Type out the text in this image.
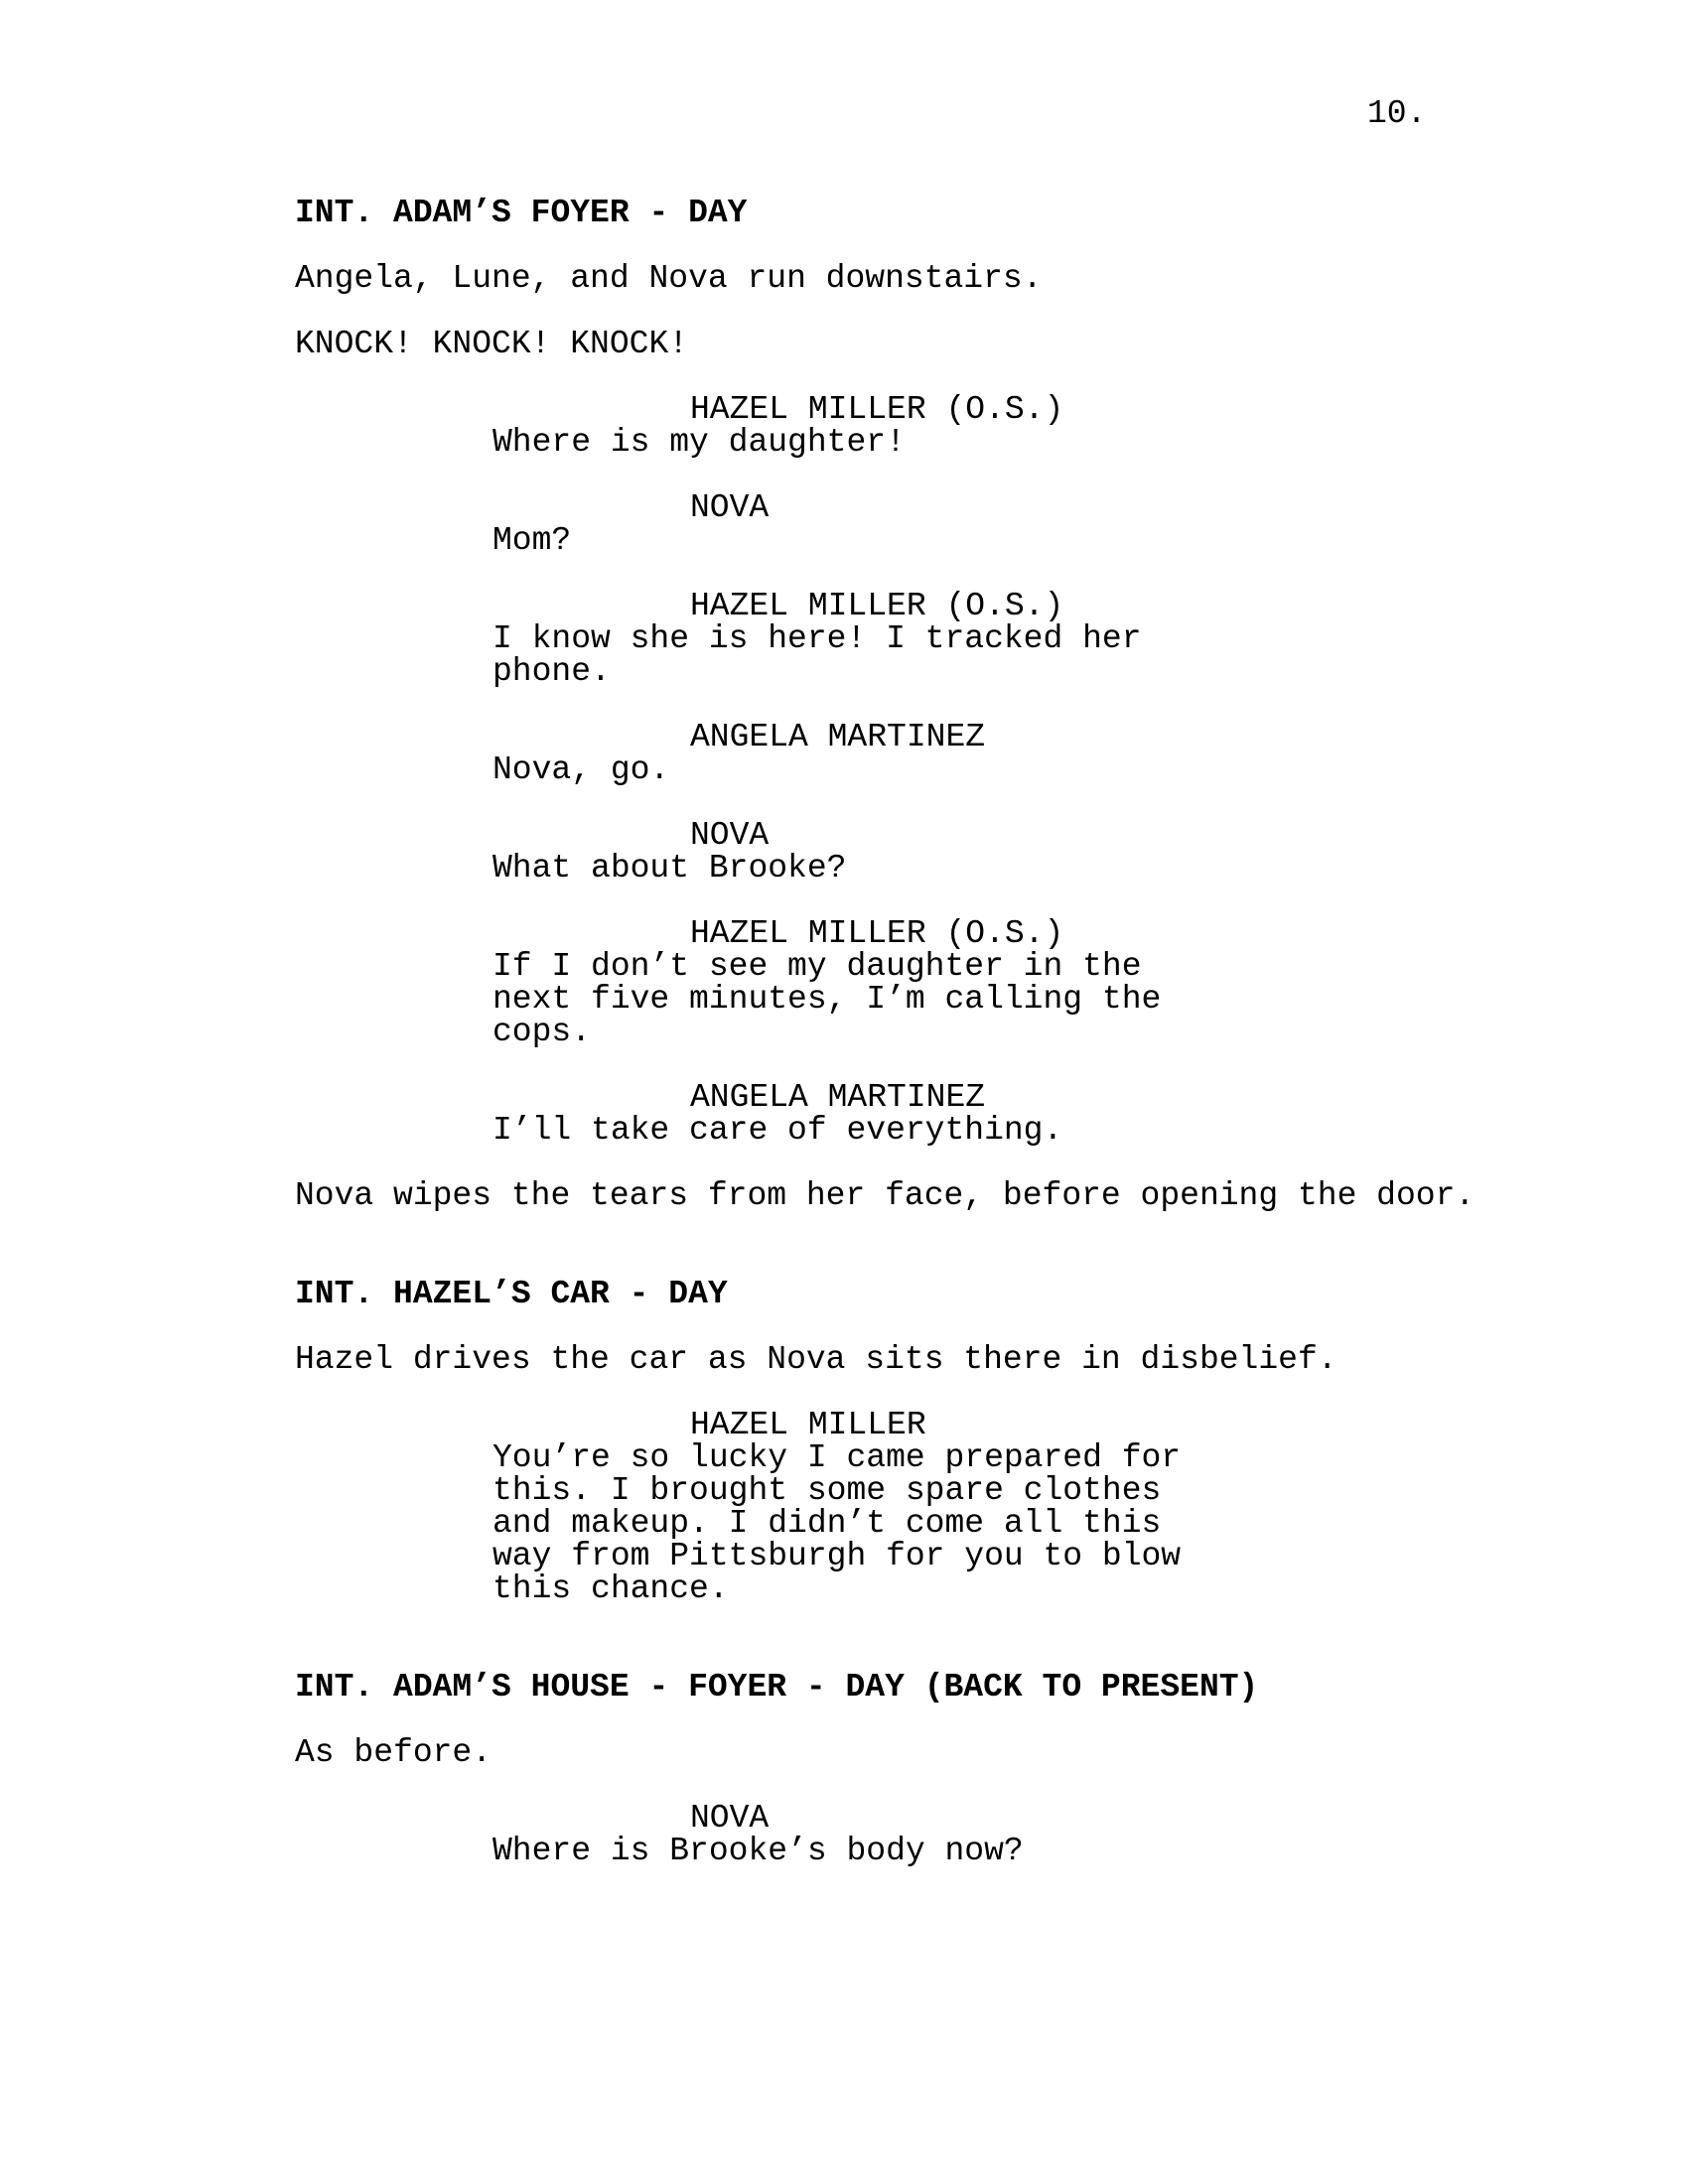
10.
INT. ADAM’S FOYER - DAY
Angela, Lune, and Nova run downstairs.
KNOCK! KNOCK! KNOCK!
HAZEL MILLER (O.S.)
Where is my daughter!
NOVA
Mom?
HAZEL MILLER (O.S.)
I know she is here! I tracked her
phone.
ANGELA MARTINEZ
Nova, go.
NOVA
What about Brooke?
HAZEL MILLER (O.S.)
If I don’t see my daughter in the
next five minutes, I’m calling the
cops.
ANGELA MARTINEZ
I’ll take care of everything.
Nova wipes the tears from her face, before opening the door.
INT. HAZEL’S CAR - DAY
Hazel drives the car as Nova sits there in disbelief.
HAZEL MILLER
You’re so lucky I came prepared for
this. I brought some spare clothes
and makeup. I didn’t come all this
way from Pittsburgh for you to blow
this chance.
INT. ADAM’S HOUSE - FOYER - DAY (BACK TO PRESENT)
As before.
NOVA
Where is Brooke’s body now?
